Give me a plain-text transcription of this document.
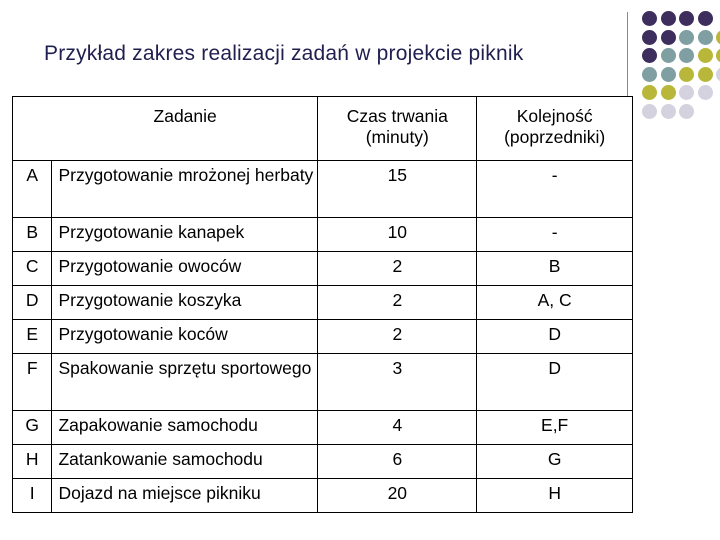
Przykład zakres realizacji zadań w projekcie piknik
Zadanie		Czas trwania (minuty)	Kolejność (poprzedniki)
A	Przygotowanie mrożonej herbaty	15	-
B	Przygotowanie kanapek	10	-
C	Przygotowanie owoców	2	B
D	Przygotowanie koszyka	2	A, C
E	Przygotowanie koców	2	D
F	Spakowanie sprzętu sportowego	3	D
G	Zapakowanie samochodu	4	E,F
H	Zatankowanie samochodu	6	G
I	Dojazd na miejsce pikniku	20	H
